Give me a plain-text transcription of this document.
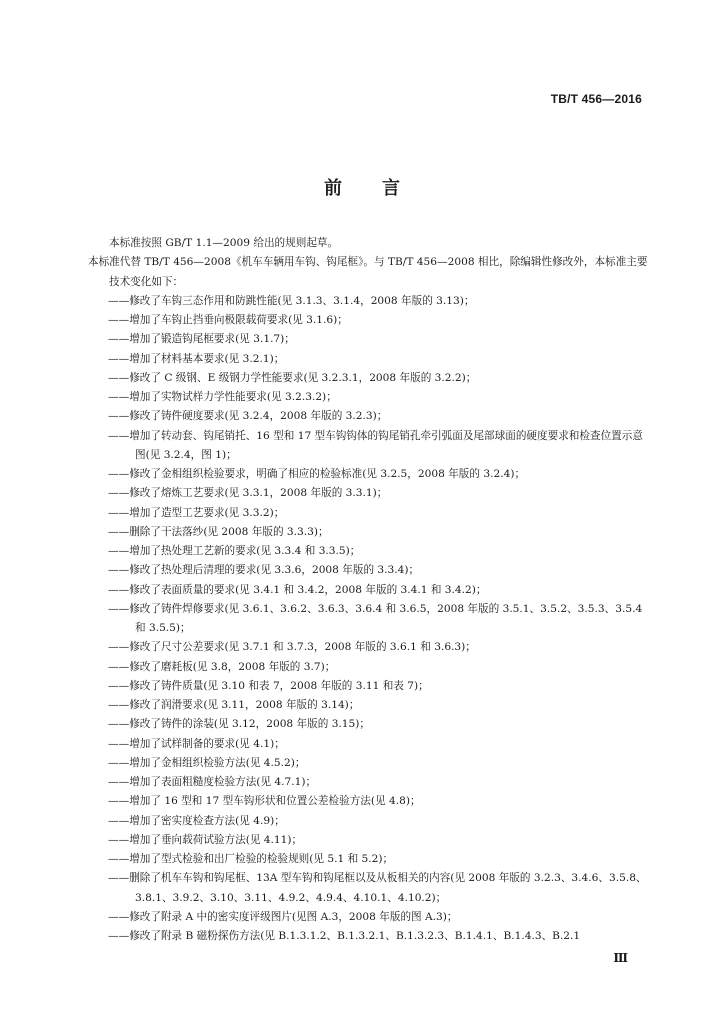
TB/T 456—2016
前言
本标准按照 GB/T 1.1—2009 给出的规则起草。
本标准代替 TB/T 456—2008《机车车辆用车钩、钩尾框》。与 TB/T 456—2008 相比，除编辑性修改外，本标准主要技术变化如下：
——修改了车钩三态作用和防跳性能(见 3.1.3、3.1.4，2008 年版的 3.13)；
——增加了车钩止挡垂向极限载荷要求(见 3.1.6)；
——增加了锻造钩尾框要求(见 3.1.7)；
——增加了材料基本要求(见 3.2.1)；
——修改了 C 级钢、E 级钢力学性能要求(见 3.2.3.1，2008 年版的 3.2.2)；
——增加了实物试样力学性能要求(见 3.2.3.2)；
——修改了铸件硬度要求(见 3.2.4，2008 年版的 3.2.3)；
——增加了转动套、钩尾销托、16 型和 17 型车钩钩体的钩尾销孔牵引弧面及尾部球面的硬度要求和检查位置示意图(见 3.2.4，图 1)；
——修改了金相组织检验要求，明确了相应的检验标准(见 3.2.5，2008 年版的 3.2.4)；
——修改了熔炼工艺要求(见 3.3.1，2008 年版的 3.3.1)；
——增加了造型工艺要求(见 3.3.2)；
——删除了干法落纱(见 2008 年版的 3.3.3)；
——增加了热处理工艺新的要求(见 3.3.4 和 3.3.5)；
——修改了热处理后清理的要求(见 3.3.6，2008 年版的 3.3.4)；
——修改了表面质量的要求(见 3.4.1 和 3.4.2，2008 年版的 3.4.1 和 3.4.2)；
——修改了铸件焊修要求(见 3.6.1、3.6.2、3.6.3、3.6.4 和 3.6.5，2008 年版的 3.5.1、3.5.2、3.5.3、3.5.4 和 3.5.5)；
——修改了尺寸公差要求(见 3.7.1 和 3.7.3，2008 年版的 3.6.1 和 3.6.3)；
——修改了磨耗板(见 3.8，2008 年版的 3.7)；
——修改了铸件质量(见 3.10 和表 7，2008 年版的 3.11 和表 7)；
——修改了润滑要求(见 3.11，2008 年版的 3.14)；
——修改了铸件的涂装(见 3.12，2008 年版的 3.15)；
——增加了试样制备的要求(见 4.1)；
——增加了金相组织检验方法(见 4.5.2)；
——增加了表面粗糙度检验方法(见 4.7.1)；
——增加了 16 型和 17 型车钩形状和位置公差检验方法(见 4.8)；
——增加了密实度检查方法(见 4.9)；
——增加了垂向载荷试验方法(见 4.11)；
——增加了型式检验和出厂检验的检验规则(见 5.1 和 5.2)；
——删除了机车车钩和钩尾框、13A 型车钩和钩尾框以及从板相关的内容(见 2008 年版的 3.2.3、3.4.6、3.5.8、3.8.1、3.9.2、3.10、3.11、4.9.2、4.9.4、4.10.1、4.10.2)；
——修改了附录 A 中的密实度评级图片(见图 A.3，2008 年版的图 A.3)；
——修改了附录 B 磁粉探伤方法(见 B.1.3.1.2、B.1.3.2.1、B.1.3.2.3、B.1.4.1、B.1.4.3、B.2.1
Ⅲ
